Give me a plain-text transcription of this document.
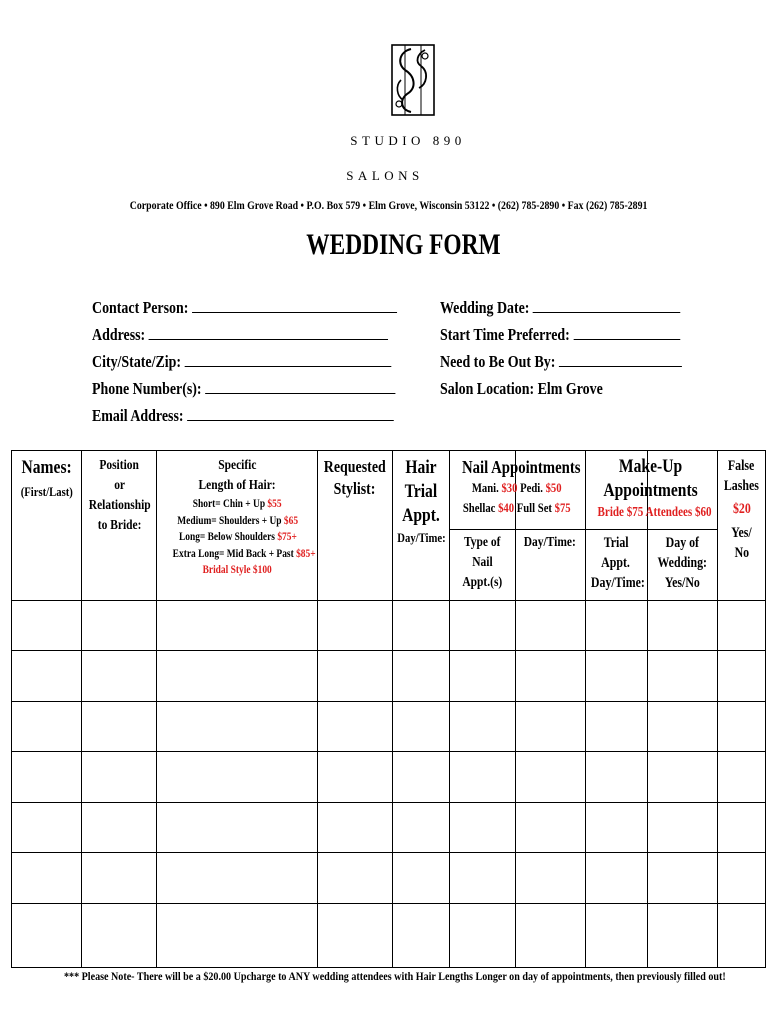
STUDIO 890
SALONS
Corporate Office • 890 Elm Grove Road • P.O. Box 579 • Elm Grove, Wisconsin 53122 • (262) 785-2890 • Fax (262) 785-2891
WEDDING FORM
Contact Person:
Address:
City/State/Zip:
Phone Number(s):
Email Address:
Wedding Date:
Start Time Preferred:
Need to Be Out By:
Salon Location: Elm Grove
Names:
(First/Last)
Position
or
Relationship
to Bride:
Specific
Length of Hair:
Short= Chin + Up $55
Medium= Shoulders + Up $65
Long= Below Shoulders $75+
Extra Long= Mid Back + Past $85+
Bridal Style $100
Requested
Stylist:
Hair
Trial
Appt.
Day/Time:
Nail Appointments
Mani. $30 Pedi. $50
Shellac $40 Full Set $75
Type of
Nail
Appt.(s)
Day/Time:
Make-Up
Appointments
Bride $75 Attendees $60
Trial
Appt.
Day/Time:
Day of
Wedding:
Yes/No
False
Lashes
$20
Yes/
No
*** Please Note- There will be a $20.00 Upcharge to ANY wedding attendees with Hair Lengths Longer on day of appointments, then previously filled out!
